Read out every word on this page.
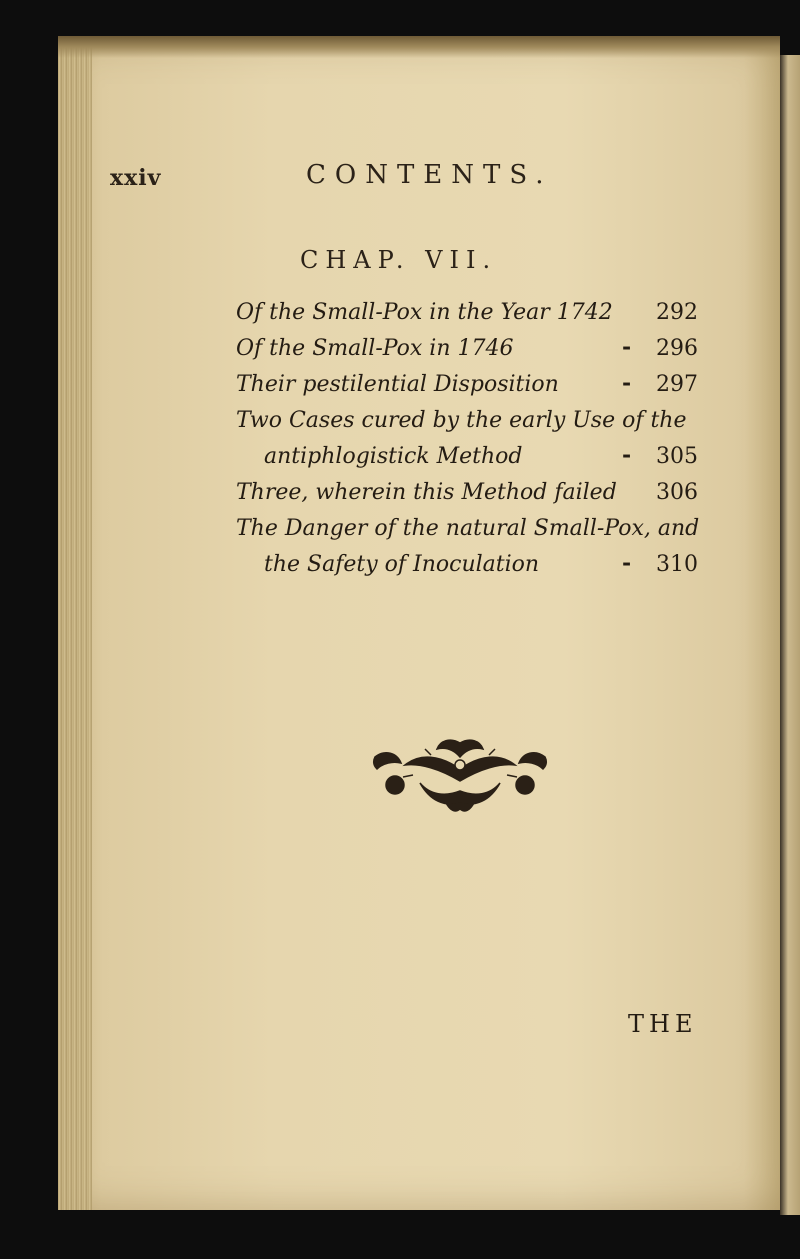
xxiv	CONTENTS.
CHAP. VII.
Of the Small-Pox in the Year 1742 292
Of the Small-Pox in 1746	- 296
Their pestilential Disposition	- 297
Two Cases cured by the early Use of the
antiphlogistick Method	- 305
Three, wherein this Method failed 306
The Danger of the natural Small-Pox, and
the Safety of Inoculation	- 310
THE
